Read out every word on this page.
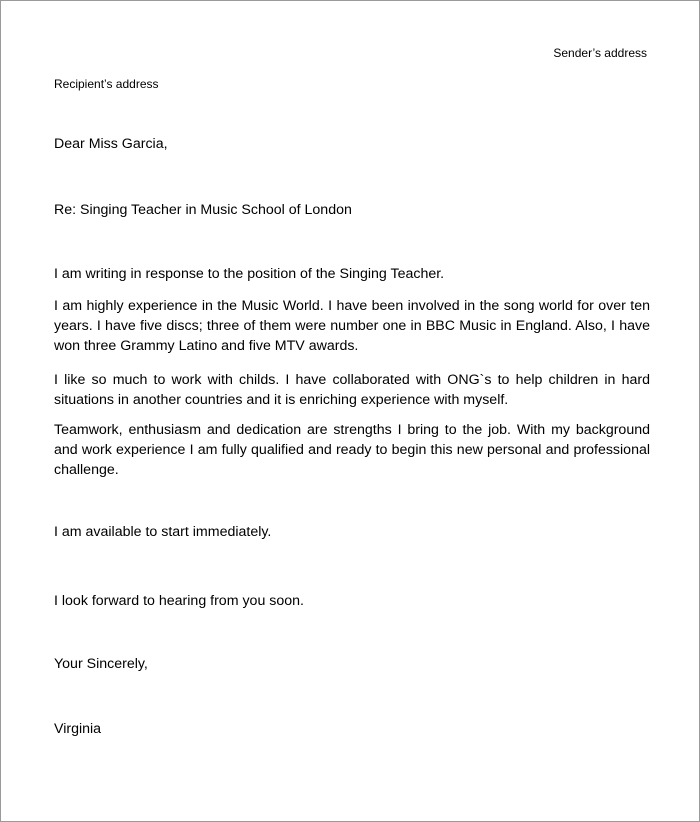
Sender’s address
Recipient’s address

Dear Miss Garcia,

Re: Singing Teacher in Music School of London

I am writing in response to the position of the Singing Teacher.

I am highly experience in the Music World. I have been involved in the song world for over ten years. I have five discs; three of them were number one in BBC Music in England. Also, I have won three Grammy Latino and five MTV awards.

I like so much to work with childs. I have collaborated with ONG`s to help children in hard situations in another countries and it is enriching experience with myself.

Teamwork, enthusiasm and dedication are strengths I bring to the job. With my background and work experience I am fully qualified and ready to begin this new personal and professional challenge.

I am available to start immediately.

I look forward to hearing from you soon.

Your Sincerely,

Virginia
